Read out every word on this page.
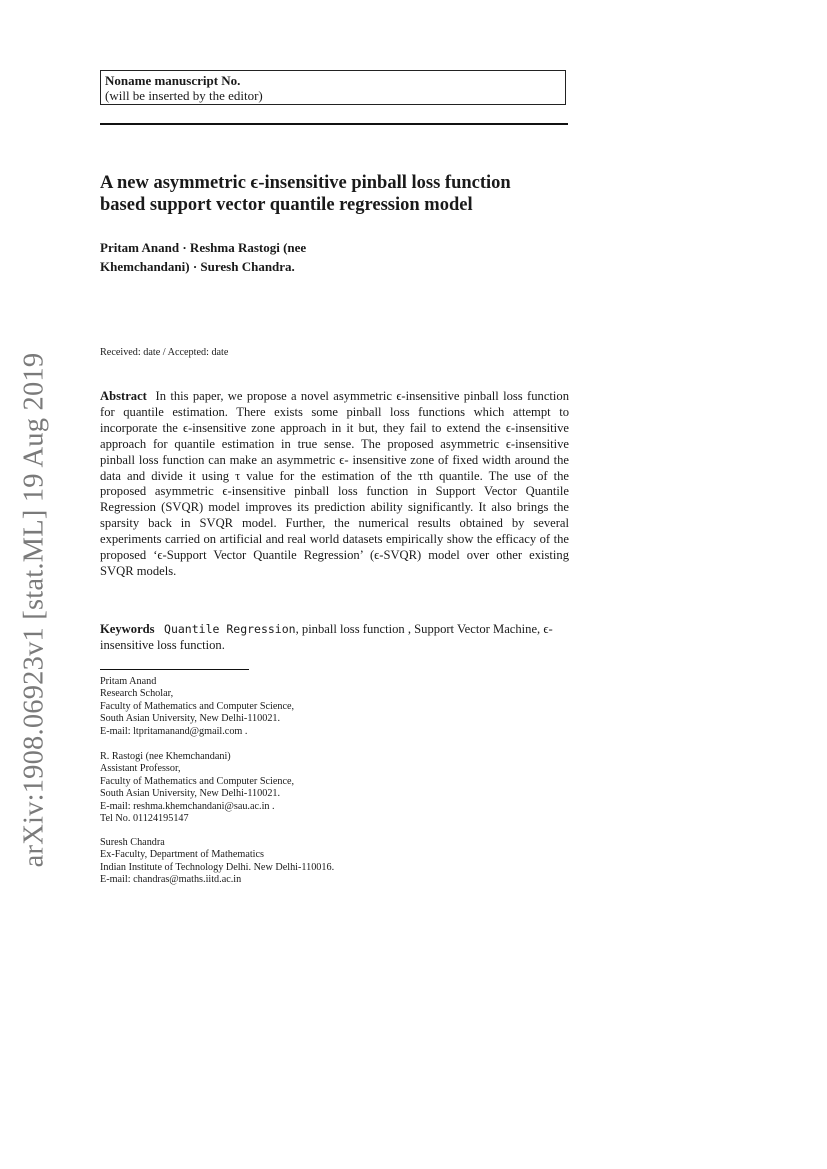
arXiv:1908.06923v1 [stat.ML] 19 Aug 2019
Noname manuscript No.
(will be inserted by the editor)
A new asymmetric ϵ-insensitive pinball loss function
based support vector quantile regression model
Pritam Anand · Reshma Rastogi (nee
Khemchandani) · Suresh Chandra.
Received: date / Accepted: date
Abstract In this paper, we propose a novel asymmetric ϵ-insensitive pinball loss function for quantile estimation. There exists some pinball loss functions which attempt to incorporate the ϵ-insensitive zone approach in it but, they fail to extend the ϵ-insensitive approach for quantile estimation in true sense. The proposed asymmetric ϵ-insensitive pinball loss function can make an asymmetric ϵ- insensitive zone of fixed width around the data and divide it using τ value for the estimation of the τth quantile. The use of the proposed asymmetric ϵ-insensitive pinball loss function in Support Vector Quantile Regression (SVQR) model improves its prediction ability significantly. It also brings the sparsity back in SVQR model. Further, the numerical results obtained by several experiments carried on artificial and real world datasets empirically show the efficacy of the proposed ‘ϵ-Support Vector Quantile Regression’ (ϵ-SVQR) model over other existing SVQR models.
Keywords Quantile Regression, pinball loss function , Support Vector Machine, ϵ-insensitive loss function.
Pritam Anand
Research Scholar,
Faculty of Mathematics and Computer Science,
South Asian University, New Delhi-110021.
E-mail: ltpritamanand@gmail.com .
R. Rastogi (nee Khemchandani)
Assistant Professor,
Faculty of Mathematics and Computer Science,
South Asian University, New Delhi-110021.
E-mail: reshma.khemchandani@sau.ac.in .
Tel No. 01124195147
Suresh Chandra
Ex-Faculty, Department of Mathematics
Indian Institute of Technology Delhi. New Delhi-110016.
E-mail: chandras@maths.iitd.ac.in
